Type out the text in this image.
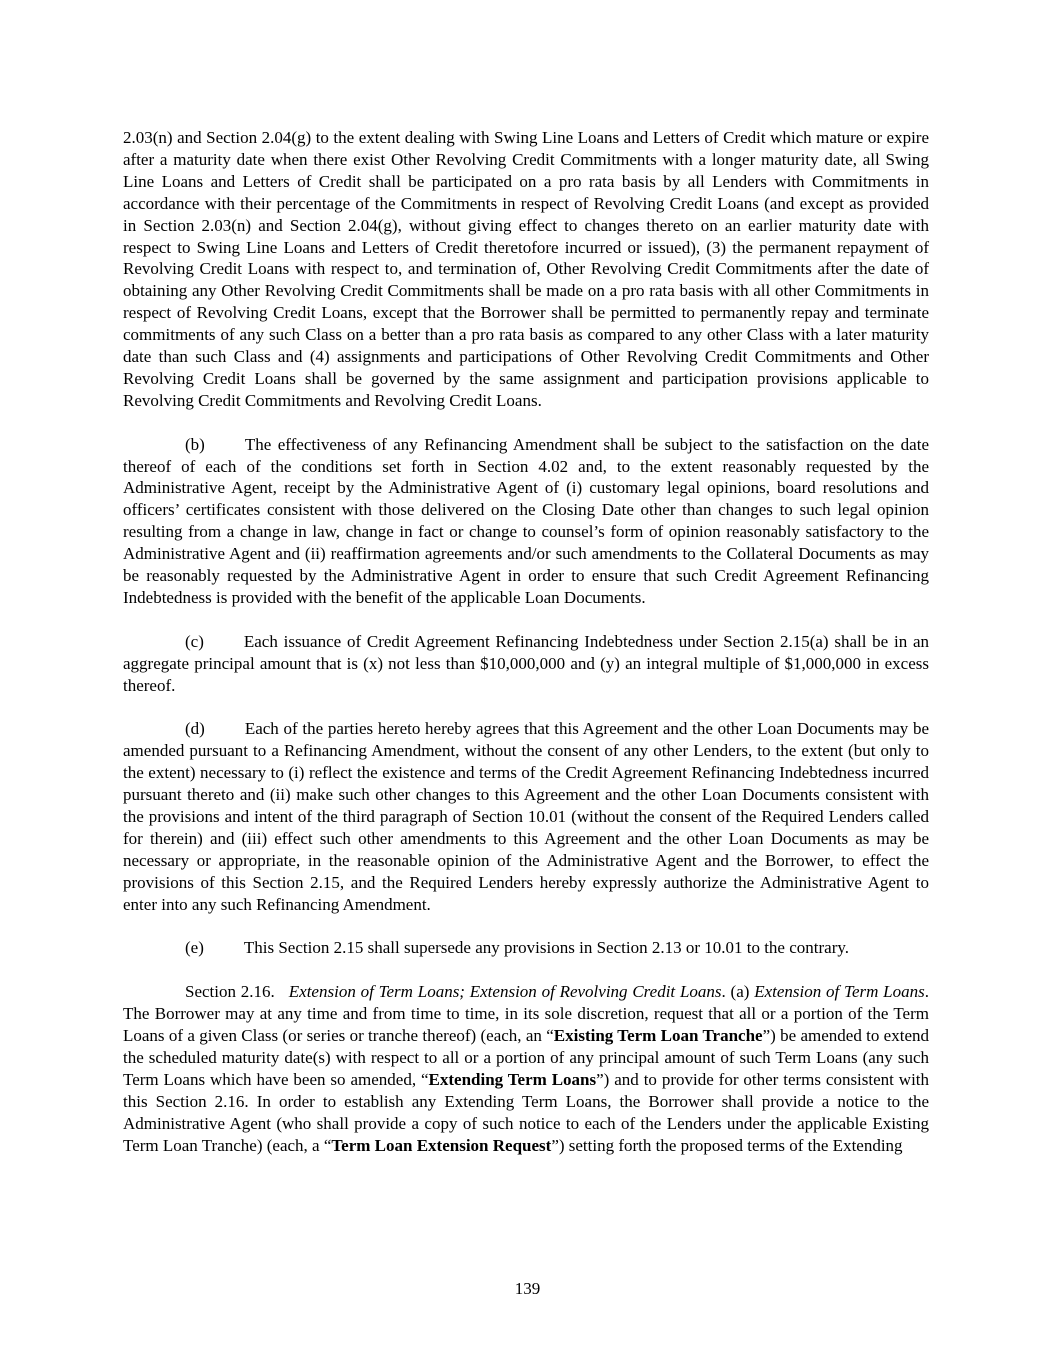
2.03(n) and Section 2.04(g) to the extent dealing with Swing Line Loans and Letters of Credit which mature or expire after a maturity date when there exist Other Revolving Credit Commitments with a longer maturity date, all Swing Line Loans and Letters of Credit shall be participated on a pro rata basis by all Lenders with Commitments in accordance with their percentage of the Commitments in respect of Revolving Credit Loans (and except as provided in Section 2.03(n) and Section 2.04(g), without giving effect to changes thereto on an earlier maturity date with respect to Swing Line Loans and Letters of Credit theretofore incurred or issued), (3) the permanent repayment of Revolving Credit Loans with respect to, and termination of, Other Revolving Credit Commitments after the date of obtaining any Other Revolving Credit Commitments shall be made on a pro rata basis with all other Commitments in respect of Revolving Credit Loans, except that the Borrower shall be permitted to permanently repay and terminate commitments of any such Class on a better than a pro rata basis as compared to any other Class with a later maturity date than such Class and (4) assignments and participations of Other Revolving Credit Commitments and Other Revolving Credit Loans shall be governed by the same assignment and participation provisions applicable to Revolving Credit Commitments and Revolving Credit Loans.

(b) The effectiveness of any Refinancing Amendment shall be subject to the satisfaction on the date thereof of each of the conditions set forth in Section 4.02 and, to the extent reasonably requested by the Administrative Agent, receipt by the Administrative Agent of (i) customary legal opinions, board resolutions and officers’ certificates consistent with those delivered on the Closing Date other than changes to such legal opinion resulting from a change in law, change in fact or change to counsel’s form of opinion reasonably satisfactory to the Administrative Agent and (ii) reaffirmation agreements and/or such amendments to the Collateral Documents as may be reasonably requested by the Administrative Agent in order to ensure that such Credit Agreement Refinancing Indebtedness is provided with the benefit of the applicable Loan Documents.

(c) Each issuance of Credit Agreement Refinancing Indebtedness under Section 2.15(a) shall be in an aggregate principal amount that is (x) not less than $10,000,000 and (y) an integral multiple of $1,000,000 in excess thereof.

(d) Each of the parties hereto hereby agrees that this Agreement and the other Loan Documents may be amended pursuant to a Refinancing Amendment, without the consent of any other Lenders, to the extent (but only to the extent) necessary to (i) reflect the existence and terms of the Credit Agreement Refinancing Indebtedness incurred pursuant thereto and (ii) make such other changes to this Agreement and the other Loan Documents consistent with the provisions and intent of the third paragraph of Section 10.01 (without the consent of the Required Lenders called for therein) and (iii) effect such other amendments to this Agreement and the other Loan Documents as may be necessary or appropriate, in the reasonable opinion of the Administrative Agent and the Borrower, to effect the provisions of this Section 2.15, and the Required Lenders hereby expressly authorize the Administrative Agent to enter into any such Refinancing Amendment.

(e) This Section 2.15 shall supersede any provisions in Section 2.13 or 10.01 to the contrary.

Section 2.16. Extension of Term Loans; Extension of Revolving Credit Loans. (a) Extension of Term Loans. The Borrower may at any time and from time to time, in its sole discretion, request that all or a portion of the Term Loans of a given Class (or series or tranche thereof) (each, an “Existing Term Loan Tranche”) be amended to extend the scheduled maturity date(s) with respect to all or a portion of any principal amount of such Term Loans (any such Term Loans which have been so amended, “Extending Term Loans”) and to provide for other terms consistent with this Section 2.16. In order to establish any Extending Term Loans, the Borrower shall provide a notice to the Administrative Agent (who shall provide a copy of such notice to each of the Lenders under the applicable Existing Term Loan Tranche) (each, a “Term Loan Extension Request”) setting forth the proposed terms of the Extending

139
